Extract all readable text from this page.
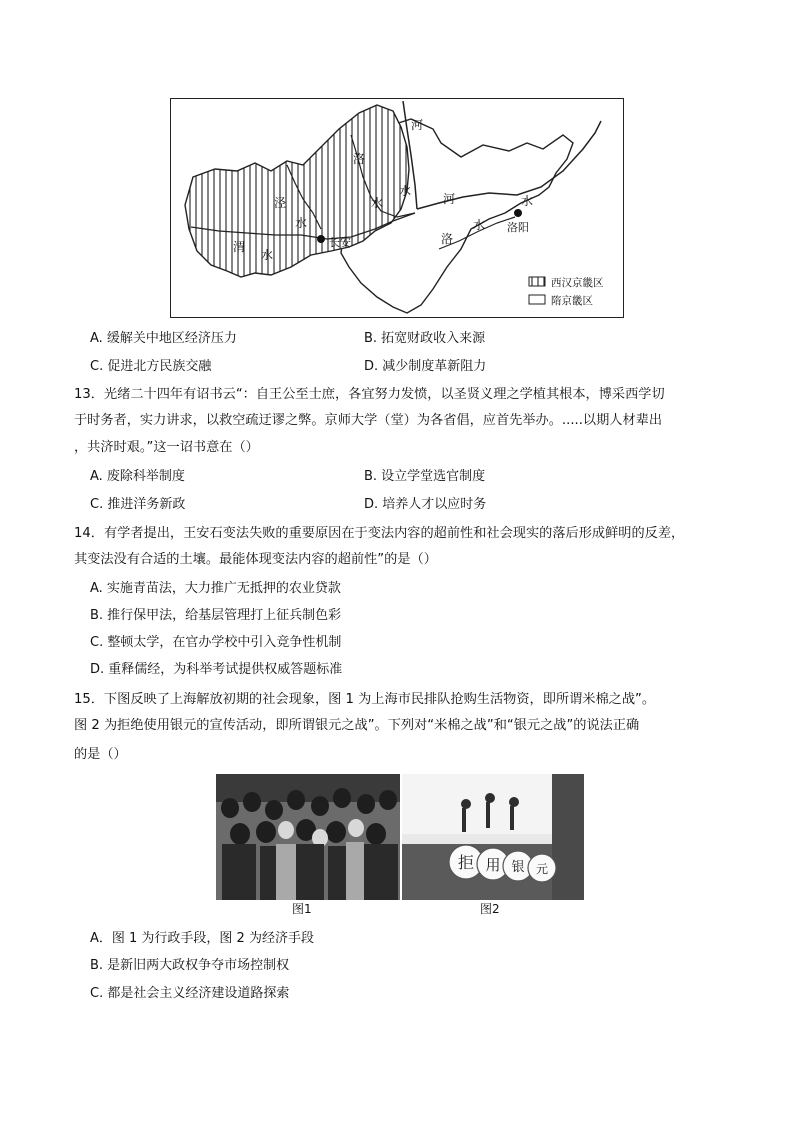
河
洛
水
泾
水
水	河	水
洛
水
渭
水
长安
洛阳
西汉京畿区
隋京畿区
A. 缓解关中地区经济压力	B. 拓宽财政收入来源
C. 促进北方民族交融	D. 减少制度革新阻力
13．光绪二十四年有诏书云“：自王公至士庶，各宜努力发愤，以圣贤义理之学植其根本，博采西学切
于时务者，实力讲求，以救空疏迂谬之弊。京师大学（堂）为各省倡，应首先举办。.....以期人材辈出
，共济时艰。”这一诏书意在（）
A. 废除科举制度	B. 设立学堂选官制度
C. 推进洋务新政	D. 培养人才以应时务
14．有学者提出，王安石变法失败的重要原因在于变法内容的超前性和社会现实的落后形成鲜明的反差，
其变法没有合适的土壤。最能体现变法内容的超前性”的是（）
A. 实施青苗法，大力推广无抵押的农业贷款
B. 推行保甲法，给基层管理打上征兵制色彩
C. 整顿太学，在官办学校中引入竞争性机制
D. 重释儒经，为科举考试提供权威答题标准
15．下图反映了上海解放初期的社会现象，图 1 为上海市民排队抢购生活物资，即所谓米棉之战”。
图 2 为拒绝使用银元的宣传活动，即所谓银元之战”。下列对“米棉之战”和“银元之战”的说法正确
的是（）
拒 用 银 元
图1	图2
A．图 1 为行政手段，图 2 为经济手段
B. 是新旧两大政权争夺市场控制权
C. 都是社会主义经济建设道路探索
